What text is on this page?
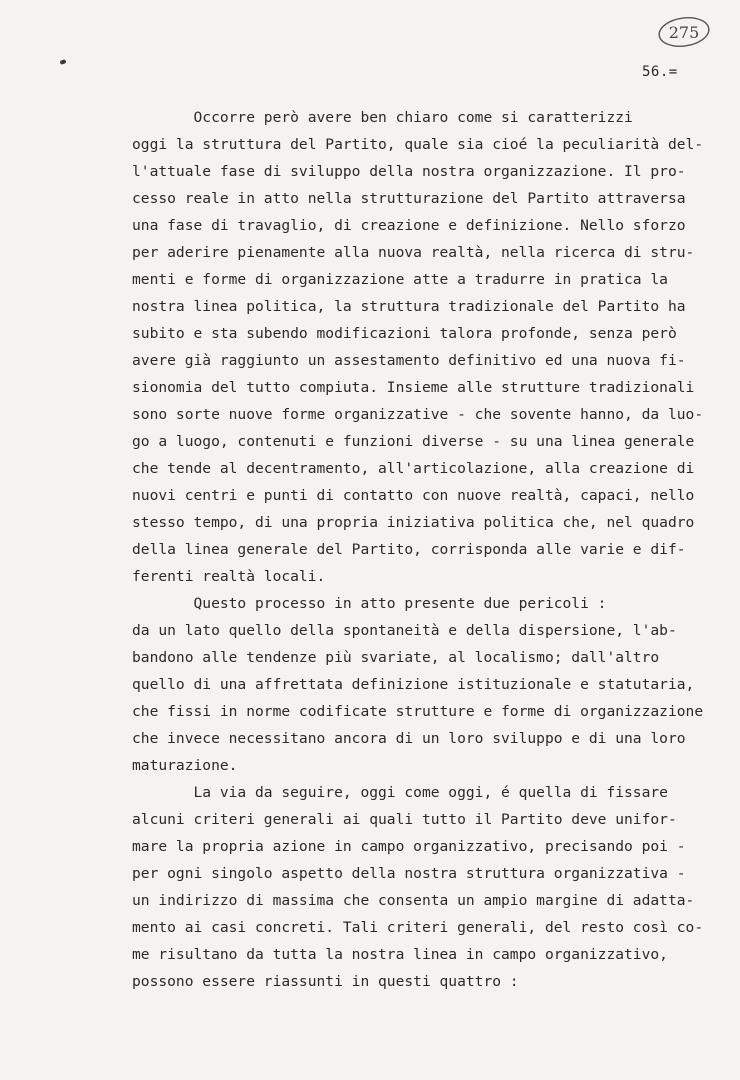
275
56.=
Occorre però avere ben chiaro come si caratterizzi
oggi la struttura del Partito, quale sia cioé la peculiarità del-
l'attuale fase di sviluppo della nostra organizzazione. Il pro-
cesso reale in atto nella strutturazione del Partito attraversa
una fase di travaglio, di creazione e definizione. Nello sforzo
per aderire pienamente alla nuova realtà, nella ricerca di stru-
menti e forme di organizzazione atte a tradurre in pratica la
nostra linea politica, la struttura tradizionale del Partito ha
subito e sta subendo modificazioni talora profonde, senza però
avere già raggiunto un assestamento definitivo ed una nuova fi-
sionomia del tutto compiuta. Insieme alle strutture tradizionali
sono sorte nuove forme organizzative - che sovente hanno, da luo-
go a luogo, contenuti e funzioni diverse - su una linea generale
che tende al decentramento, all'articolazione, alla creazione di
nuovi centri e punti di contatto con nuove realtà, capaci, nello
stesso tempo, di una propria iniziativa politica che, nel quadro
della linea generale del Partito, corrisponda alle varie e dif-
ferenti realtà locali.
Questo processo in atto presente due pericoli :
da un lato quello della spontaneità e della dispersione, l'ab-
bandono alle tendenze più svariate, al localismo; dall'altro
quello di una affrettata definizione istituzionale e statutaria,
che fissi in norme codificate strutture e forme di organizzazione
che invece necessitano ancora di un loro sviluppo e di una loro
maturazione.
La via da seguire, oggi come oggi, é quella di fissare
alcuni criteri generali ai quali tutto il Partito deve unifor-
mare la propria azione in campo organizzativo, precisando poi -
per ogni singolo aspetto della nostra struttura organizzativa -
un indirizzo di massima che consenta un ampio margine di adatta-
mento ai casi concreti. Tali criteri generali, del resto così co-
me risultano da tutta la nostra linea in campo organizzativo,
possono essere riassunti in questi quattro :
